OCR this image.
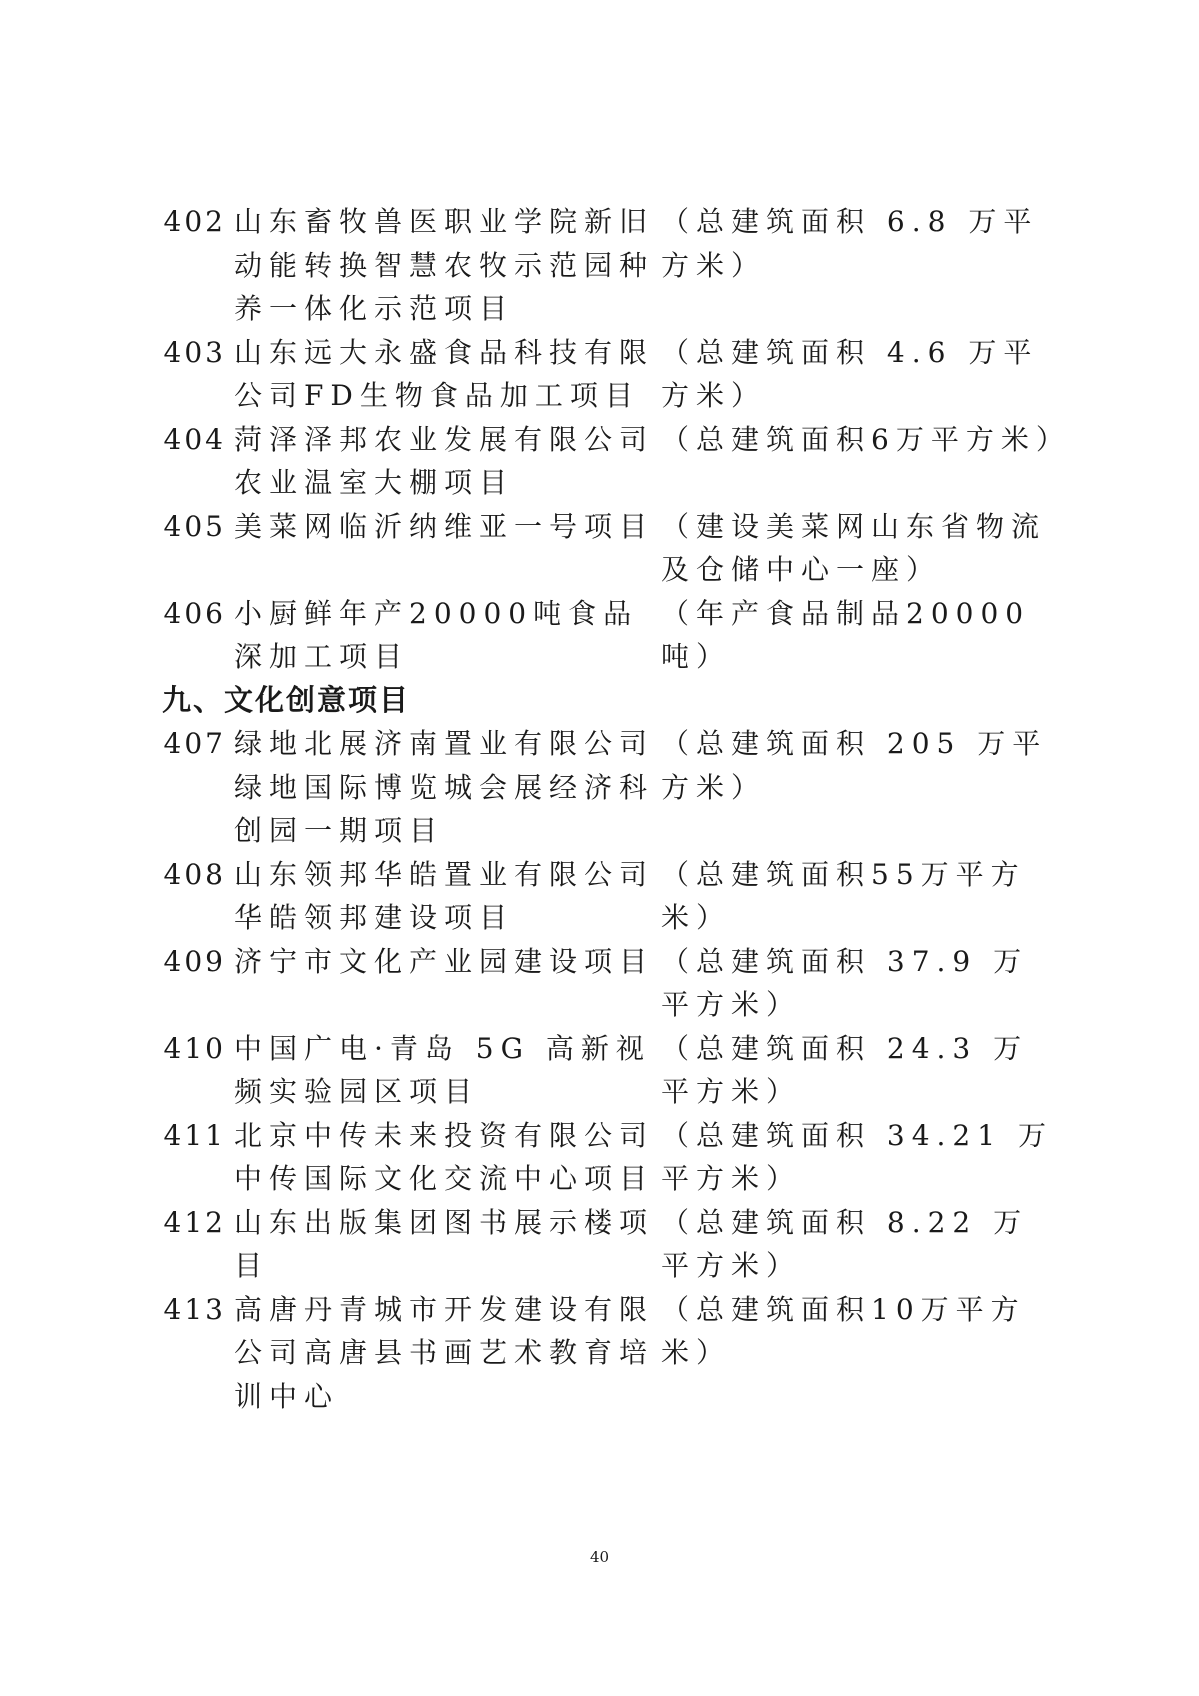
402 山东畜牧兽医职业学院新旧动能转换智慧农牧示范园种养一体化示范项目
（总建筑面积 6.8 万平方米）
403 山东远大永盛食品科技有限公司FD生物食品加工项目
（总建筑面积 4.6 万平方米）
404 菏泽泽邦农业发展有限公司农业温室大棚项目
（总建筑面积6万平方米）
405 美菜网临沂纳维亚一号项目 （建设美菜网山东省物流及仓储中心一座）
406 小厨鲜年产20000吨食品深加工项目
（年产食品制品20000吨）
九、文化创意项目
407 绿地北展济南置业有限公司绿地国际博览城会展经济科创园一期项目
（总建筑面积 205 万平方米）
408 山东领邦华皓置业有限公司华皓领邦建设项目
（总建筑面积55万平方米）
409 济宁市文化产业园建设项目 （总建筑面积 37.9 万平方米）
410 中国广电·青岛 5G 高新视频实验园区项目
（总建筑面积 24.3 万平方米）
411 北京中传未来投资有限公司中传国际文化交流中心项目
（总建筑面积 34.21 万平方米）
412 山东出版集团图书展示楼项目
（总建筑面积 8.22 万平方米）
413 高唐丹青城市开发建设有限公司高唐县书画艺术教育培训中心
（总建筑面积10万平方米）
40
